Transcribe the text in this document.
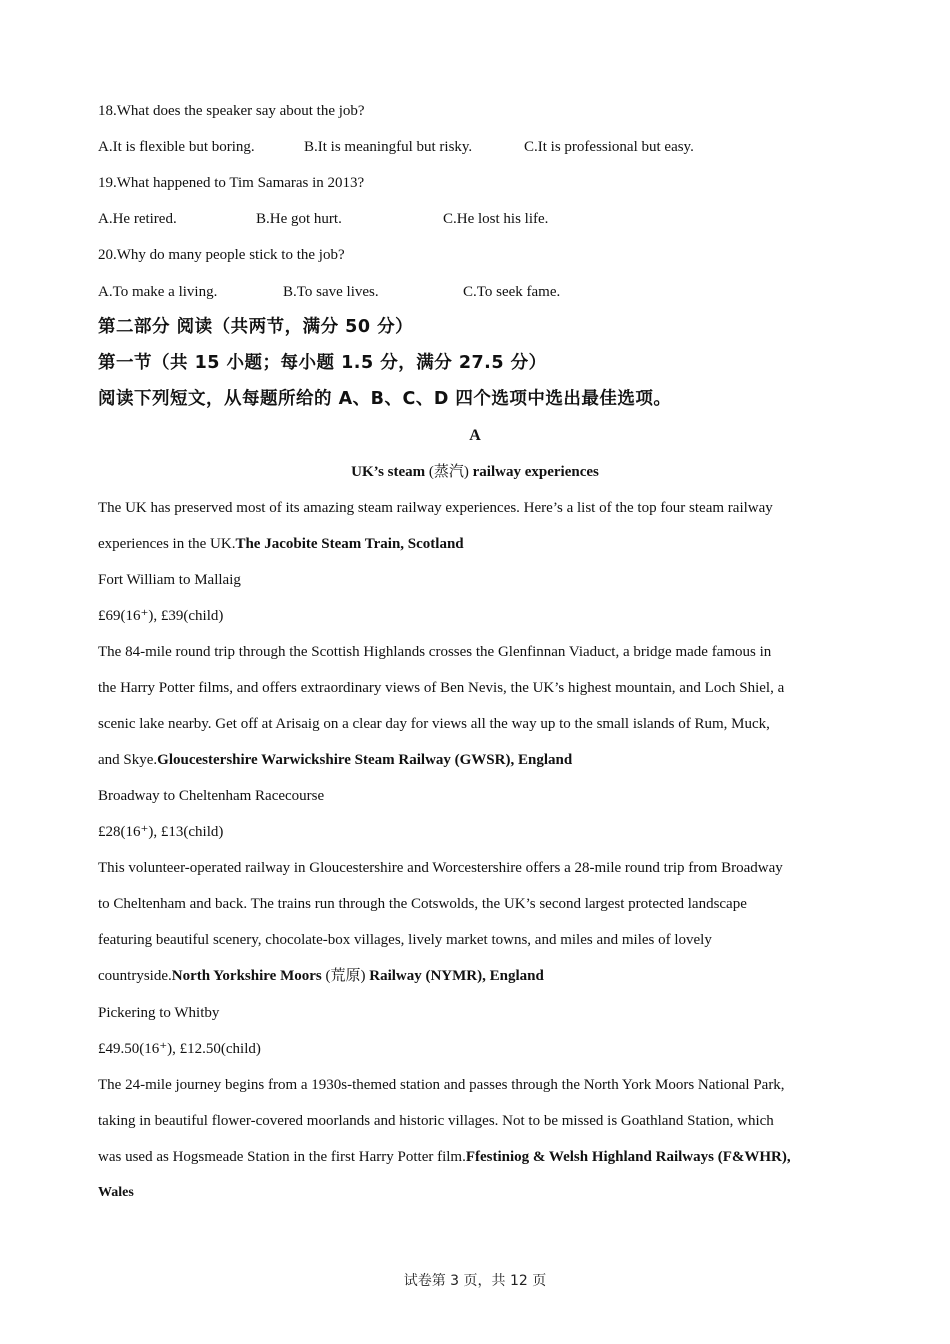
18.What does the speaker say about the job?
A.It is flexible but boring.	B.It is meaningful but risky.	C.It is professional but easy.
19.What happened to Tim Samaras in 2013?
A.He retired.	B.He got hurt.	C.He lost his life.
20.Why do many people stick to the job?
A.To make a living.	B.To save lives.	C.To seek fame.
第二部分 阅读（共两节，满分 50 分）
第一节（共 15 小题；每小题 1.5 分，满分 27.5 分）
阅读下列短文，从每题所给的 A、B、C、D 四个选项中选出最佳选项。
A
UK’s steam (蒸汽) railway experiences
The UK has preserved most of its amazing steam railway experiences. Here’s a list of the top four steam railway
experiences in the UK.The Jacobite Steam Train, Scotland
Fort William to Mallaig
£69(16⁺), £39(child)
The 84-mile round trip through the Scottish Highlands crosses the Glenfinnan Viaduct, a bridge made famous in
the Harry Potter films, and offers extraordinary views of Ben Nevis, the UK’s highest mountain, and Loch Shiel, a
scenic lake nearby. Get off at Arisaig on a clear day for views all the way up to the small islands of Rum, Muck,
and Skye.Gloucestershire Warwickshire Steam Railway (GWSR), England
Broadway to Cheltenham Racecourse
£28(16⁺), £13(child)
This volunteer-operated railway in Gloucestershire and Worcestershire offers a 28-mile round trip from Broadway
to Cheltenham and back. The trains run through the Cotswolds, the UK’s second largest protected landscape
featuring beautiful scenery, chocolate-box villages, lively market towns, and miles and miles of lovely
countryside.North Yorkshire Moors (荒原) Railway (NYMR), England
Pickering to Whitby
£49.50(16⁺), £12.50(child)
The 24-mile journey begins from a 1930s-themed station and passes through the North York Moors National Park,
taking in beautiful flower-covered moorlands and historic villages. Not to be missed is Goathland Station, which
was used as Hogsmeade Station in the first Harry Potter film.Ffestiniog & Welsh Highland Railways (F&WHR),
Wales
试卷第 3 页，共 12 页
